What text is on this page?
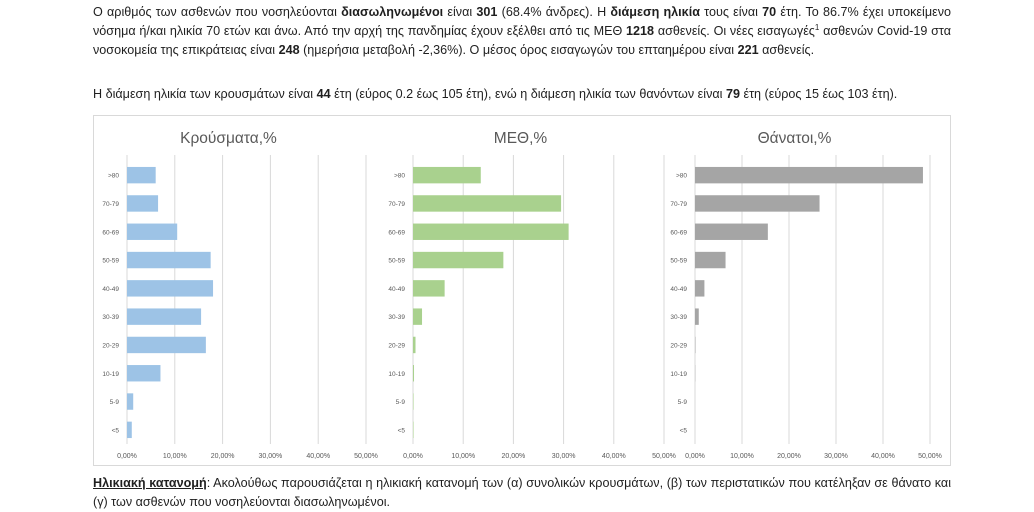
Ο αριθμός των ασθενών που νοσηλεύονται διασωληνωμένοι είναι 301 (68.4% άνδρες). Η διάμεση ηλικία τους είναι 70 έτη. Το 86.7% έχει υποκείμενο νόσημα ή/και ηλικία 70 ετών και άνω. Από την αρχή της πανδημίας έχουν εξέλθει από τις ΜΕΘ 1218 ασθενείς. Οι νέες εισαγωγές$^1$ ασθενών Covid-19 στα νοσοκομεία της επικράτειας είναι 248 (ημερήσια μεταβολή -2,36%). Ο μέσος όρος εισαγωγών του επταημέρου είναι 221 ασθενείς.
Η διάμεση ηλικία των κρουσμάτων είναι 44 έτη (εύρος 0.2 έως 105 έτη), ενώ η διάμεση ηλικία των θανόντων είναι 79 έτη (εύρος 15 έως 103 έτη).
Κρούσματα,%
0,00%	10,00%	20,00%	30,00%	40,00%	50,00%
>80
70-79
60-69
50-59
40-49
30-39
20-29
10-19
5-9
<5
ΜΕΘ,%
0,00%	10,00%	20,00%	30,00%	40,00%	50,00%
>80
70-79
60-69
50-59
40-49
30-39
20-29
10-19
5-9
<5
Θάνατοι,%
0,00%	10,00%	20,00%	30,00%	40,00%	50,00%
>80
70-79
60-69
50-59
40-49
30-39
20-29
10-19
5-9
<5
Ηλικιακή κατανομή: Ακολούθως παρουσιάζεται η ηλικιακή κατανομή των (α) συνολικών κρουσμάτων, (β) των περιστατικών που κατέληξαν σε θάνατο και (γ) των ασθενών που νοσηλεύονται διασωληνωμένοι.
